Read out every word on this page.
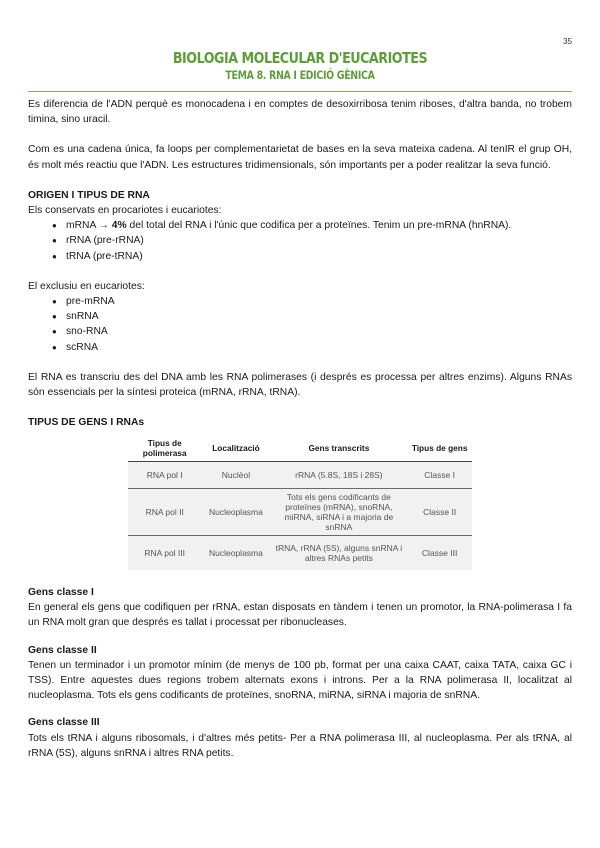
35
BIOLOGIA MOLECULAR D'EUCARIOTES
TEMA 8. RNA I EDICIÓ GÈNICA

Es diferencia de l'ADN perquè es monocadena i en comptes de desoxirribosa tenim riboses, d'altra banda, no trobem timina, sino uracil.

Com es una cadena única, fa loops per complementarietat de bases en la seva mateixa cadena. Al tenIR el grup OH, és molt més reactiu que l'ADN. Les estructures tridimensionals, són importants per a poder realitzar la seva funció.

ORIGEN I TIPUS DE RNA

Els conservats en procariotes i eucariotes:

● mRNA → 4% del total del RNA i l'únic que codifica per a proteïnes. Tenim un pre-mRNA (hnRNA).
● rRNA (pre-rRNA)
● tRNA (pre-tRNA)

El exclusiu en eucariotes:

● pre-mRNA
● snRNA
● sno-RNA
● scRNA

El RNA es transcriu des del DNA amb les RNA polimerases (i després es processa per altres enzims). Alguns RNAs són essencials per la síntesi proteica (mRNA, rRNA, tRNA).

TIPUS DE GENS I RNAs
Tipus de polimerasa	Localització	Gens transcrits	Tipus de gens
RNA pol I	Nuclèol	rRNA (5.8S, 18S i 28S)	Classe I
RNA pol II	Nucleoplasma	Tots els gens codificants de proteïnes (mRNA), snoRNA, miRNA, siRNA i a majoria de snRNA	Classe II
RNA pol III	Nucleoplasma	tRNA, rRNA (5S), alguns snRNA i altres RNAs petits	Classe III
Gens classe I

En general els gens que codifiquen per rRNA, estan disposats en tàndem i tenen un promotor, la RNA-polimerasa I fa un RNA molt gran que després es tallat i processat per ribonucleases.

Gens classe II

Tenen un terminador i un promotor mínim (de menys de 100 pb, format per una caixa CAAT, caixa TATA, caixa GC i TSS). Entre aquestes dues regions trobem alternats exons i introns. Per a la RNA polimerasa II, localitzat al nucleoplasma. Tots els gens codificants de proteïnes, snoRNA, miRNA, siRNA i majoria de snRNA.

Gens classe III

Tots els tRNA i alguns ribosomals, i d'altres més petits- Per a RNA polimerasa III, al nucleoplasma. Per als tRNA, al rRNA (5S), alguns snRNA i altres RNA petits.
